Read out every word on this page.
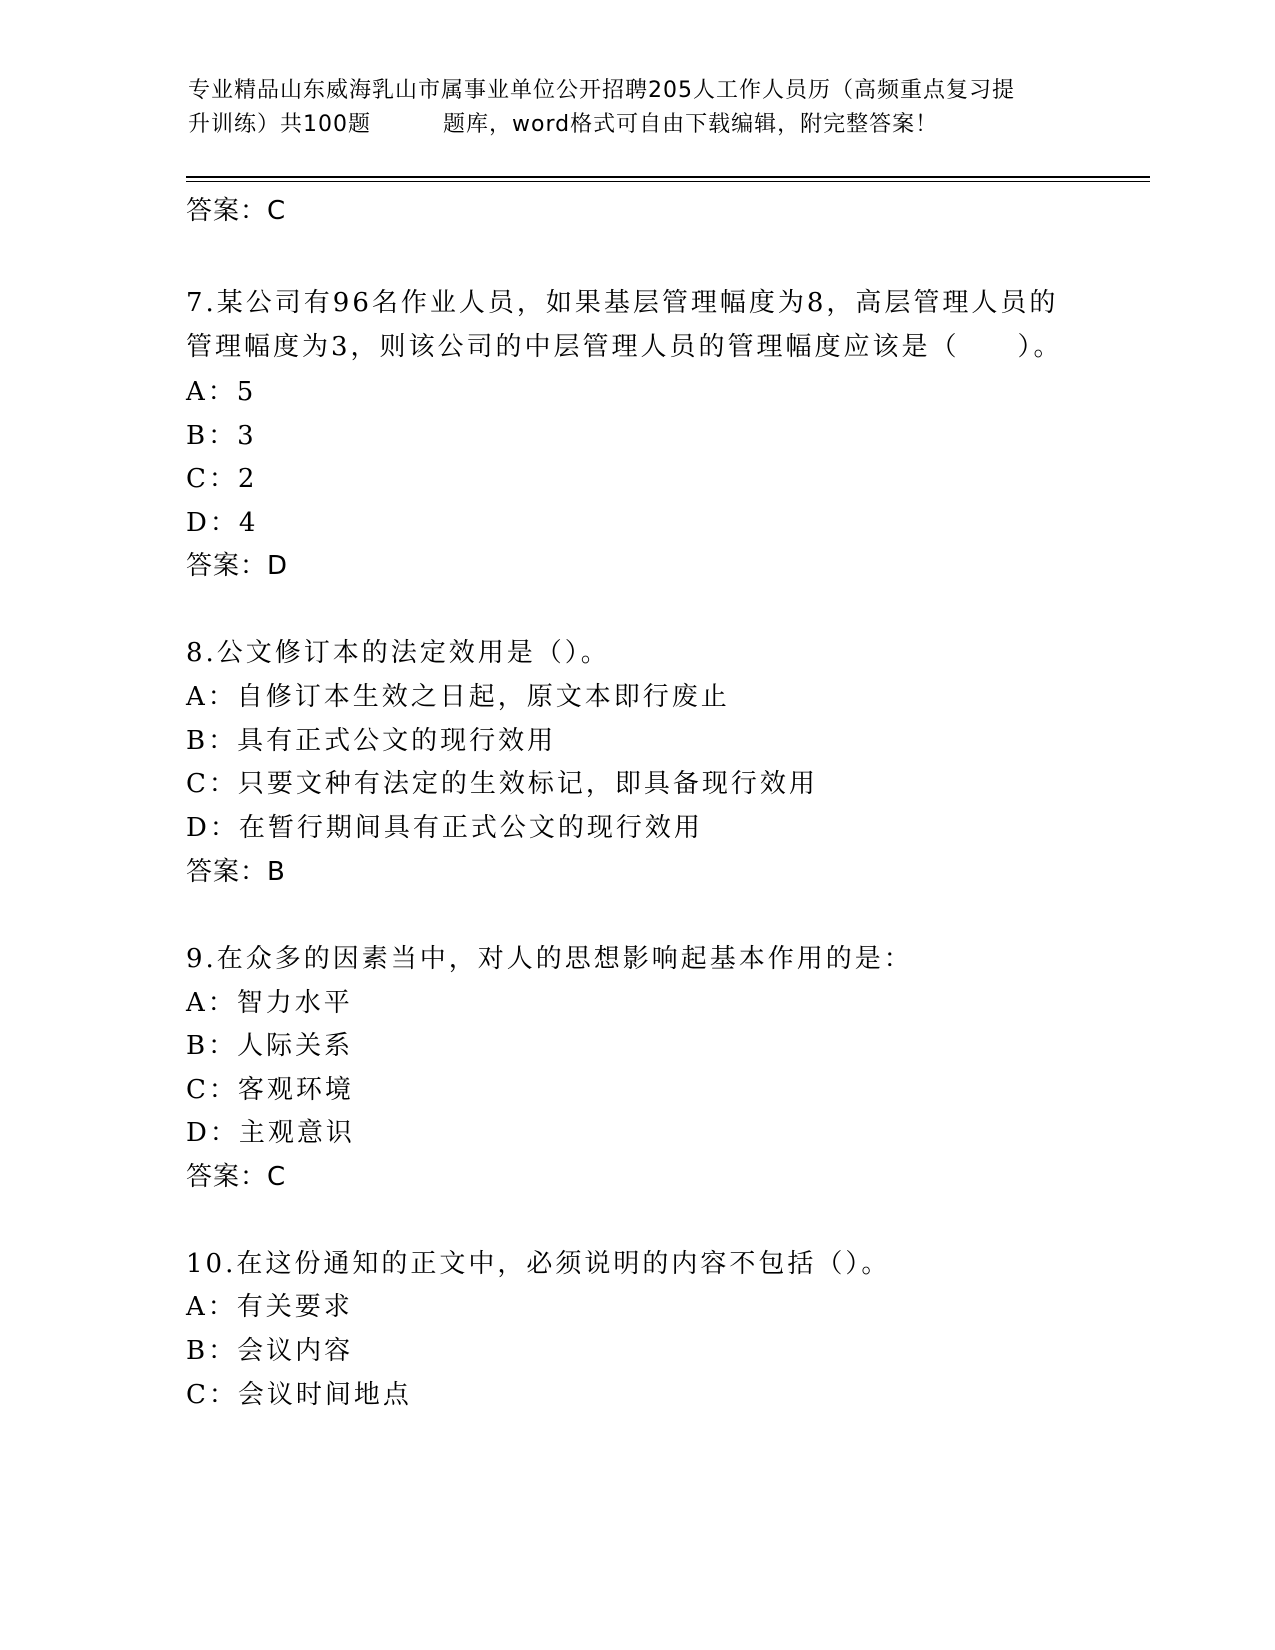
专业精品山东威海乳山市属事业单位公开招聘205人工作人员历（高频重点复习提
升训练）共100题	题库，word格式可自由下载编辑，附完整答案！
答案：C
7.某公司有96名作业人员，如果基层管理幅度为8，高层管理人员的
管理幅度为3，则该公司的中层管理人员的管理幅度应该是（　　）。
A：5
B：3
C：2
D：4
答案：D
8.公文修订本的法定效用是（）。
A：自修订本生效之日起，原文本即行废止
B：具有正式公文的现行效用
C：只要文种有法定的生效标记，即具备现行效用
D：在暂行期间具有正式公文的现行效用
答案：B
9.在众多的因素当中，对人的思想影响起基本作用的是：
A：智力水平
B：人际关系
C：客观环境
D：主观意识
答案：C
10.在这份通知的正文中，必须说明的内容不包括（）。
A：有关要求
B：会议内容
C：会议时间地点
